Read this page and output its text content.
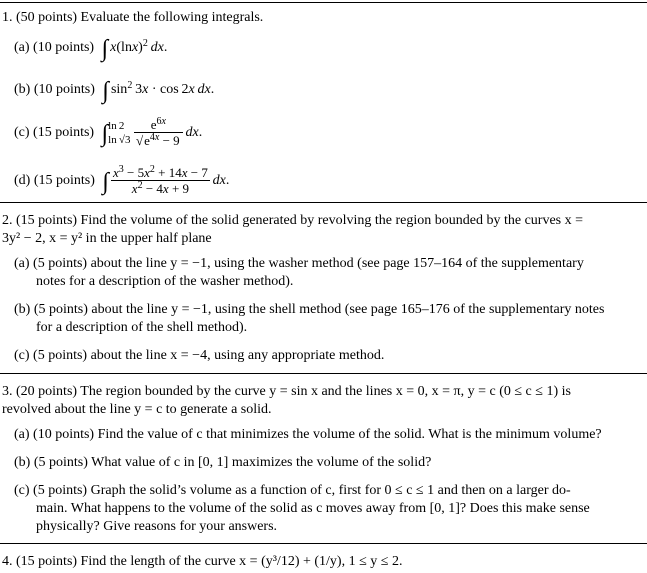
1. (50 points) Evaluate the following integrals.
(a) (10 points) ∫ $x(\ln x)^2$  dx.
(b) (10 points) ∫ $\sin^2 3x \cdot \cos 2x$  dx.
(c) (15 points) ∫ ln 2
ln √3
$\frac{e^{6x}}{√e^{4x} - 9}$
  dx.
(d) (15 points) ∫ $\frac{x^3 - 5x^2 + 14x - 7}{x^2 - 4x + 9}$
  dx.
2. (15 points) Find the volume of the solid generated by revolving the region bounded by the curves x =
3y² − 2, x = y² in the upper half plane
(a) (5 points) about the line y = −1, using the washer method (see page 157–164 of the supplementary
notes for a description of the washer method).
(b) (5 points) about the line y = −1, using the shell method (see page 165–176 of the supplementary notes
for a description of the shell method).
(c) (5 points) about the line x = −4, using any appropriate method.
3. (20 points) The region bounded by the curve y = sin x and the lines x = 0, x = π, y = c (0 ≤ c ≤ 1) is
revolved about the line y = c to generate a solid.
(a) (10 points) Find the value of c that minimizes the volume of the solid. What is the minimum volume?
(b) (5 points) What value of c in [0, 1] maximizes the volume of the solid?
(c) (5 points) Graph the solid’s volume as a function of c, first for 0 ≤ c ≤ 1 and then on a larger do-
main. What happens to the volume of the solid as c moves away from [0, 1]? Does this make sense
physically? Give reasons for your answers.
4. (15 points) Find the length of the curve x = (y³/12) + (1/y), 1 ≤ y ≤ 2.
